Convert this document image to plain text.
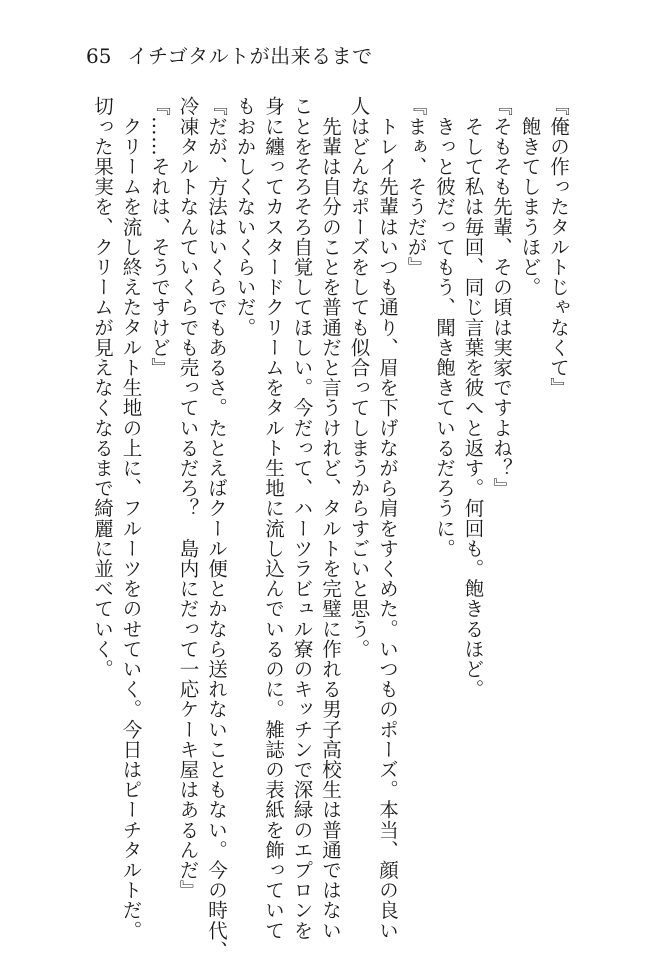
65 イチゴタルトが出来るまで
『俺の作ったタルトじゃなくて』
　飽きてしまうほど。
『そもそも先輩、その頃は実家ですよね？』
　そして私は毎回、同じ言葉を彼へと返す。何回も。飽きるほど。
　きっと彼だってもう、聞き飽きているだろうに。
『まぁ、そうだが』
　トレイ先輩はいつも通り、眉を下げながら肩をすくめた。いつものポーズ。本当、顔の良い
人はどんなポーズをしても似合ってしまうからすごいと思う。
　先輩は自分のことを普通だと言うけれど、タルトを完璧に作れる男子高校生は普通ではない
ことをそろそろ自覚してほしい。今だって、ハーツラビュル寮のキッチンで深緑のエプロンを
身に纏ってカスタードクリームをタルト生地に流し込んでいるのに。雑誌の表紙を飾っていて
もおかしくないくらいだ。
『だが、方法はいくらでもあるさ。たとえばクール便とかなら送れないこともない。今の時代、
冷凍タルトなんていくらでも売っているだろ？　島内にだって一応ケーキ屋はあるんだ』
『……それは、そうですけど』
　クリームを流し終えたタルト生地の上に、フルーツをのせていく。今日はピーチタルトだ。
切った果実を、クリームが見えなくなるまで綺麗に並べていく。
